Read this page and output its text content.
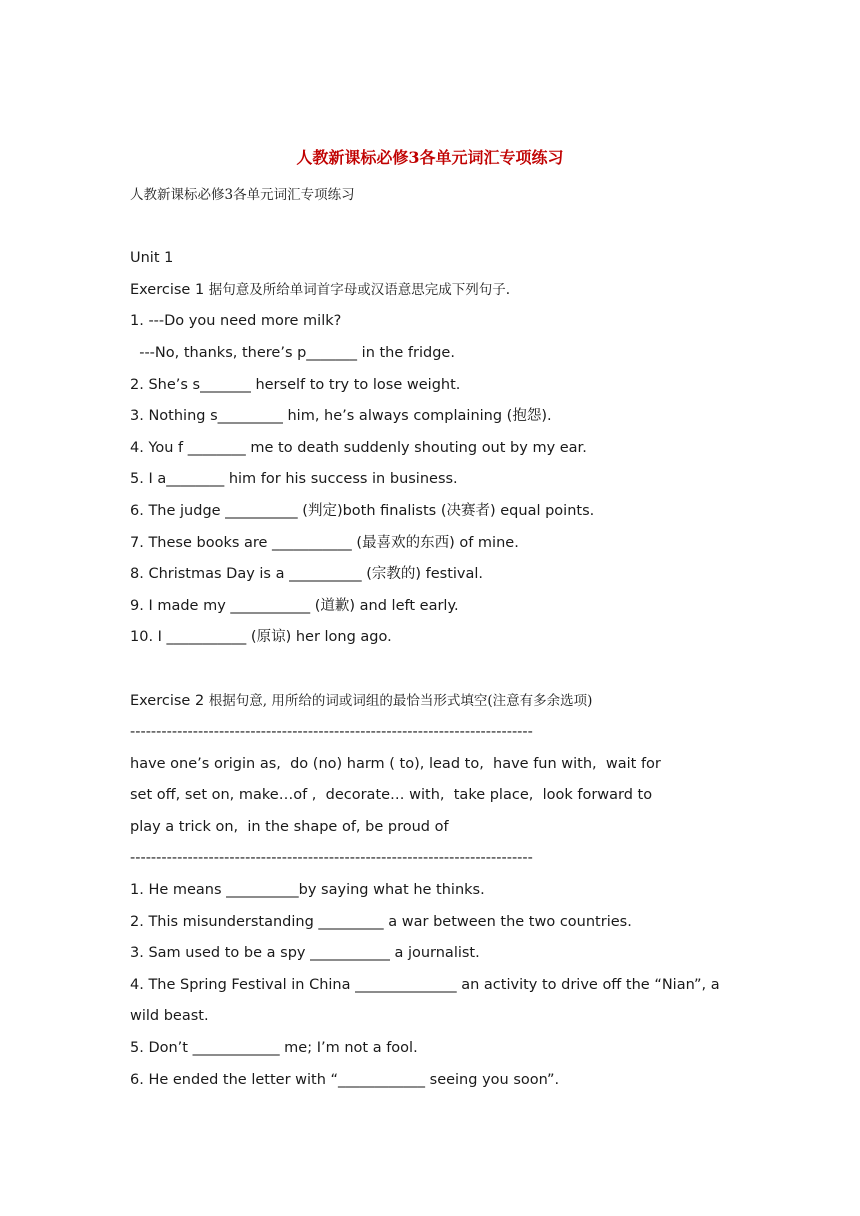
人教新课标必修3各单元词汇专项练习
人教新课标必修3各单元词汇专项练习
Unit 1
Exercise 1 据句意及所给单词首字母或汉语意思完成下列句子.
1. ---Do you need more milk?
---No, thanks, there’s p_______ in the fridge.
2. She’s s_______ herself to try to lose weight.
3. Nothing s_________ him, he’s always complaining (抱怨).
4. You f ________ me to death suddenly shouting out by my ear.
5. I a________ him for his success in business.
6. The judge __________ (判定)both finalists (决赛者) equal points.
7. These books are ___________ (最喜欢的东西) of mine.
8. Christmas Day is a __________ (宗教的) festival.
9. I made my ___________ (道歉) and left early.
10. I ___________ (原谅) her long ago.
Exercise 2 根据句意, 用所给的词或词组的最恰当形式填空(注意有多余选项)
-----------------------------------------------------------------------------
have one’s origin as,  do (no) harm ( to), lead to,  have fun with,  wait for
set off, set on, make…of ,  decorate… with,  take place,  look forward to
play a trick on,  in the shape of, be proud of
-----------------------------------------------------------------------------
1. He means __________by saying what he thinks.
2. This misunderstanding _________ a war between the two countries.
3. Sam used to be a spy ___________ a journalist.
4. The Spring Festival in China ______________ an activity to drive off the “Nian”, a wild beast.
5. Don’t ____________ me; I’m not a fool.
6. He ended the letter with “____________ seeing you soon”.
